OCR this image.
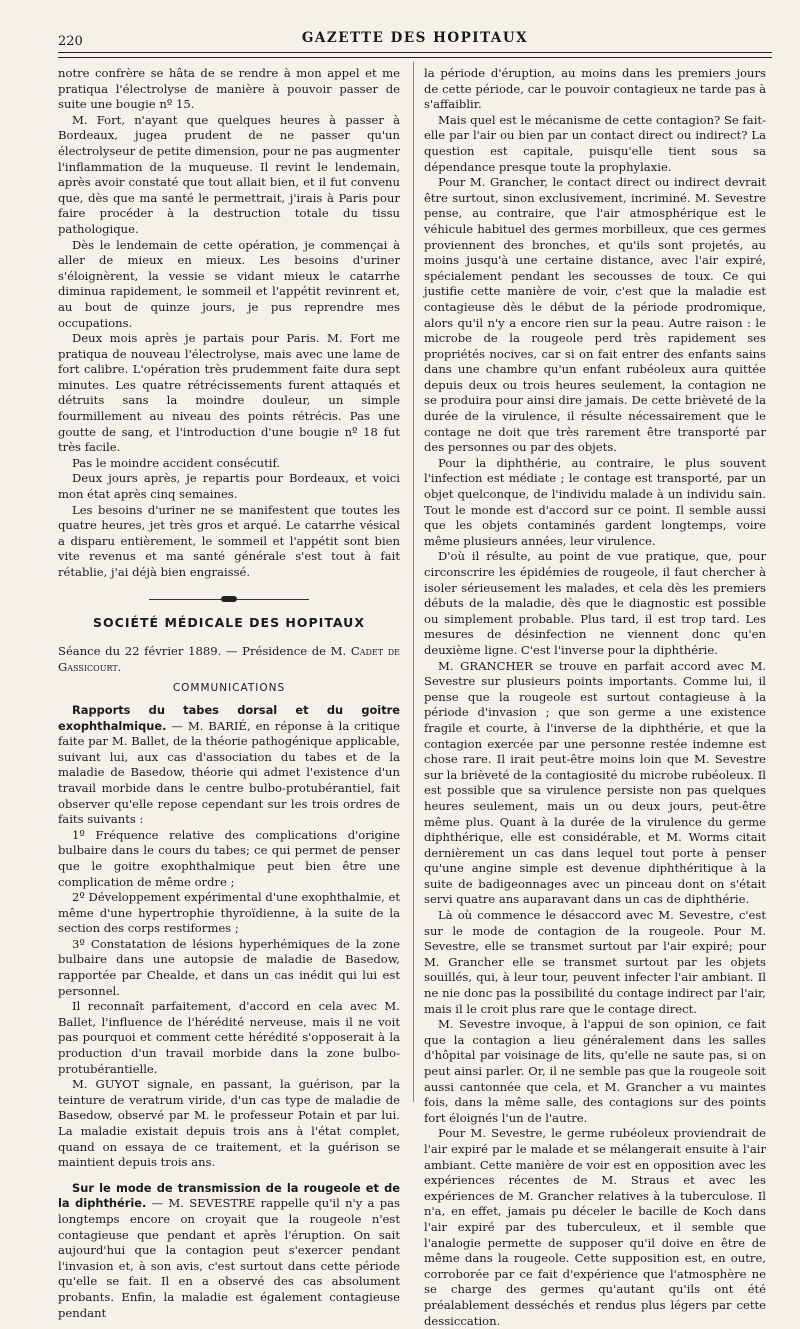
220	GAZETTE DES HOPITAUX

notre confrère se hâta de se rendre à mon appel et me pratiqua l'électrolyse de manière à pouvoir passer de suite une bougie nº 15.

M. Fort, n'ayant que quelques heures à passer à Bordeaux, jugea prudent de ne passer qu'un électrolyseur de petite dimension, pour ne pas augmenter l'inflammation de la muqueuse. Il revint le lendemain, après avoir constaté que tout allait bien, et il fut convenu que, dès que ma santé le permettrait, j'irais à Paris pour faire procéder à la destruction totale du tissu pathologique.

Dès le lendemain de cette opération, je commençai à aller de mieux en mieux. Les besoins d'uriner s'éloignèrent, la vessie se vidant mieux le catarrhe diminua rapidement, le sommeil et l'appétit revinrent et, au bout de quinze jours, je pus reprendre mes occupations.

Deux mois après je partais pour Paris. M. Fort me pratiqua de nouveau l'électrolyse, mais avec une lame de fort calibre. L'opération très prudemment faite dura sept minutes. Les quatre rétrécissements furent attaqués et détruits sans la moindre douleur, un simple fourmillement au niveau des points rétrécis. Pas une goutte de sang, et l'introduction d'une bougie nº 18 fut très facile.

Pas le moindre accident consécutif.

Deux jours après, je repartis pour Bordeaux, et voici mon état après cinq semaines.

Les besoins d'uriner ne se manifestent que toutes les quatre heures, jet très gros et arqué. Le catarrhe vésical a disparu entièrement, le sommeil et l'appétit sont bien vite revenus et ma santé générale s'est tout à fait rétablie, j'ai déjà bien engraissé.

SOCIÉTÉ MÉDICALE DES HOPITAUX

Séance du 22 février 1889. — Présidence de M. Cadet de Gassicourt.

COMMUNICATIONS

Rapports du tabes dorsal et du goitre exophthalmique. — M. BARIÉ, en réponse à la critique faite par M. Ballet, de la théorie pathogénique applicable, suivant lui, aux cas d'association du tabes et de la maladie de Basedow, théorie qui admet l'existence d'un travail morbide dans le centre bulbo-protubérantiel, fait observer qu'elle repose cependant sur les trois ordres de faits suivants :

1º Fréquence relative des complications d'origine bulbaire dans le cours du tabes; ce qui permet de penser que le goitre exophthalmique peut bien être une complication de même ordre ;

2º Développement expérimental d'une exophthalmie, et même d'une hypertrophie thyroïdienne, à la suite de la section des corps restiformes ;

3º Constatation de lésions hyperhémiques de la zone bulbaire dans une autopsie de maladie de Basedow, rapportée par Chealde, et dans un cas inédit qui lui est personnel.

Il reconnaît parfaitement, d'accord en cela avec M. Ballet, l'influence de l'hérédité nerveuse, mais il ne voit pas pourquoi et comment cette hérédité s'opposerait à la production d'un travail morbide dans la zone bulbo-protubérantielle.

M. GUYOT signale, en passant, la guérison, par la teinture de veratrum viride, d'un cas type de maladie de Basedow, observé par M. le professeur Potain et par lui. La maladie existait depuis trois ans à l'état complet, quand on essaya de ce traitement, et la guérison se maintient depuis trois ans.

Sur le mode de transmission de la rougeole et de la diphthérie. — M. SEVESTRE rappelle qu'il n'y a pas longtemps encore on croyait que la rougeole n'est contagieuse que pendant et après l'éruption. On sait aujourd'hui que la contagion peut s'exercer pendant l'invasion et, à son avis, c'est surtout dans cette période qu'elle se fait. Il en a observé des cas absolument probants. Enfin, la maladie est également contagieuse pendant

la période d'éruption, au moins dans les premiers jours de cette période, car le pouvoir contagieux ne tarde pas à s'affaiblir.

Mais quel est le mécanisme de cette contagion? Se fait-elle par l'air ou bien par un contact direct ou indirect? La question est capitale, puisqu'elle tient sous sa dépendance presque toute la prophylaxie.

Pour M. Grancher, le contact direct ou indirect devrait être surtout, sinon exclusivement, incriminé. M. Sevestre pense, au contraire, que l'air atmosphérique est le véhicule habituel des germes morbilleux, que ces germes proviennent des bronches, et qu'ils sont projetés, au moins jusqu'à une certaine distance, avec l'air expiré, spécialement pendant les secousses de toux. Ce qui justifie cette manière de voir, c'est que la maladie est contagieuse dès le début de la période prodromique, alors qu'il n'y a encore rien sur la peau. Autre raison : le microbe de la rougeole perd très rapidement ses propriétés nocives, car si on fait entrer des enfants sains dans une chambre qu'un enfant rubéoleux aura quittée depuis deux ou trois heures seulement, la contagion ne se produira pour ainsi dire jamais. De cette brièveté de la durée de la virulence, il résulte nécessairement que le contage ne doit que très rarement être transporté par des personnes ou par des objets.

Pour la diphthérie, au contraire, le plus souvent l'infection est médiate ; le contage est transporté, par un objet quelconque, de l'individu malade à un individu sain. Tout le monde est d'accord sur ce point. Il semble aussi que les objets contaminés gardent longtemps, voire même plusieurs années, leur virulence.

D'où il résulte, au point de vue pratique, que, pour circonscrire les épidémies de rougeole, il faut chercher à isoler sérieusement les malades, et cela dès les premiers débuts de la maladie, dès que le diagnostic est possible ou simplement probable. Plus tard, il est trop tard. Les mesures de désinfection ne viennent donc qu'en deuxième ligne. C'est l'inverse pour la diphthérie.

M. GRANCHER se trouve en parfait accord avec M. Sevestre sur plusieurs points importants. Comme lui, il pense que la rougeole est surtout contagieuse à la période d'invasion ; que son germe a une existence fragile et courte, à l'inverse de la diphthérie, et que la contagion exercée par une personne restée indemne est chose rare. Il irait peut-être moins loin que M. Sevestre sur la brièveté de la contagiosité du microbe rubéoleux. Il est possible que sa virulence persiste non pas quelques heures seulement, mais un ou deux jours, peut-être même plus. Quant à la durée de la virulence du germe diphthérique, elle est considérable, et M. Worms citait dernièrement un cas dans lequel tout porte à penser qu'une angine simple est devenue diphthéritique à la suite de badigeonnages avec un pinceau dont on s'était servi quatre ans auparavant dans un cas de diphthérie.

Là où commence le désaccord avec M. Sevestre, c'est sur le mode de contagion de la rougeole. Pour M. Sevestre, elle se transmet surtout par l'air expiré; pour M. Grancher elle se transmet surtout par les objets souillés, qui, à leur tour, peuvent infecter l'air ambiant. Il ne nie donc pas la possibilité du contage indirect par l'air, mais il le croit plus rare que le contage direct.

M. Sevestre invoque, à l'appui de son opinion, ce fait que la contagion a lieu généralement dans les salles d'hôpital par voisinage de lits, qu'elle ne saute pas, si on peut ainsi parler. Or, il ne semble pas que la rougeole soit aussi cantonnée que cela, et M. Grancher a vu maintes fois, dans la même salle, des contagions sur des points fort éloignés l'un de l'autre.

Pour M. Sevestre, le germe rubéoleux proviendrait de l'air expiré par le malade et se mélangerait ensuite à l'air ambiant. Cette manière de voir est en opposition avec les expériences récentes de M. Straus et avec les expériences de M. Grancher relatives à la tuberculose. Il n'a, en effet, jamais pu déceler le bacille de Koch dans l'air expiré par des tuberculeux, et il semble que l'analogie permette de supposer qu'il doive en être de même dans la rougeole. Cette supposition est, en outre, corroborée par ce fait d'expérience que l'atmosphère ne se charge des germes qu'autant qu'ils ont été préalablement desséchés et rendus plus légers par cette dessiccation.
